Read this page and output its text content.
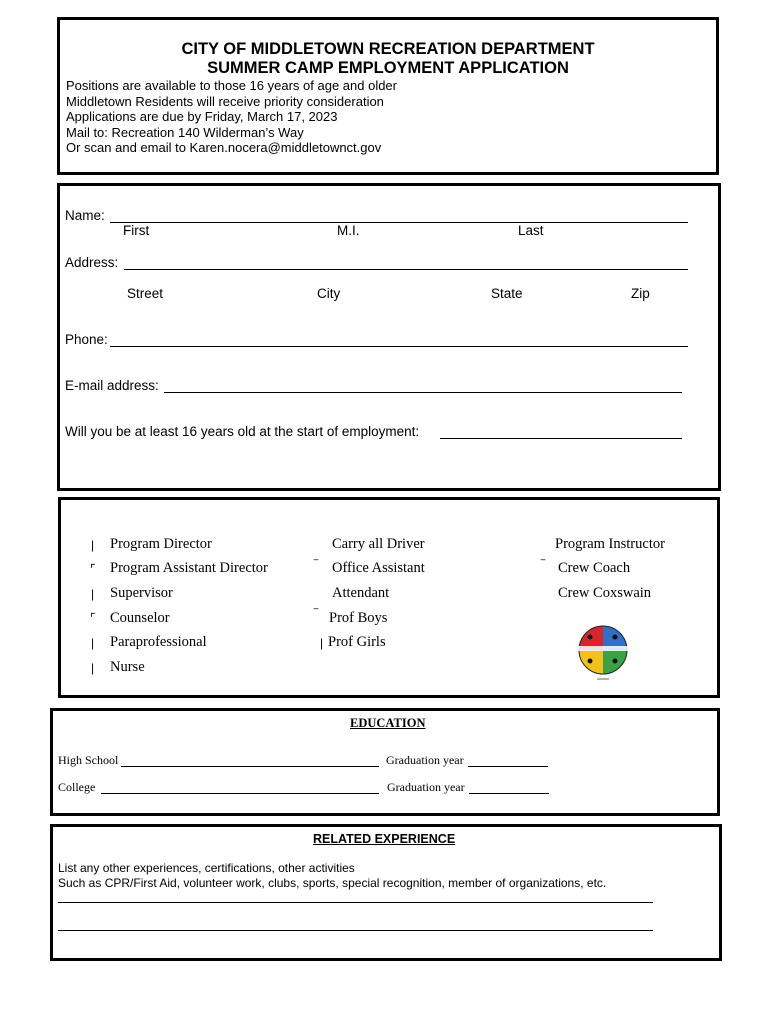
CITY OF MIDDLETOWN RECREATION DEPARTMENT
SUMMER CAMP EMPLOYMENT APPLICATION
Positions are available to those 16 years of age and older
Middletown Residents will receive priority consideration
Applications are due by Friday, March 17, 2023
Mail to: Recreation 140 Wilderman’s Way
Or scan and email to Karen.nocera@middletownct.gov
Name:
First	M.I.	Last
Address:
Street	City	State	Zip
Phone:
E-mail address:
Will you be at least 16 years old at the start of employment:
| Program Director
⌜ Program Assistant Director
| Supervisor
⌜ Counselor
| Paraprofessional
| Nurse
Carry all Driver
‾ Office Assistant
Attendant
‾ Prof Boys
| Prof Girls
Program Instructor
‾ Crew Coach
Crew Coxswain
EDUCATION
High School	Graduation year
College	Graduation year
RELATED EXPERIENCE
List any other experiences, certifications, other activities
Such as CPR/First Aid, volunteer work, clubs, sports, special recognition, member of organizations, etc.
